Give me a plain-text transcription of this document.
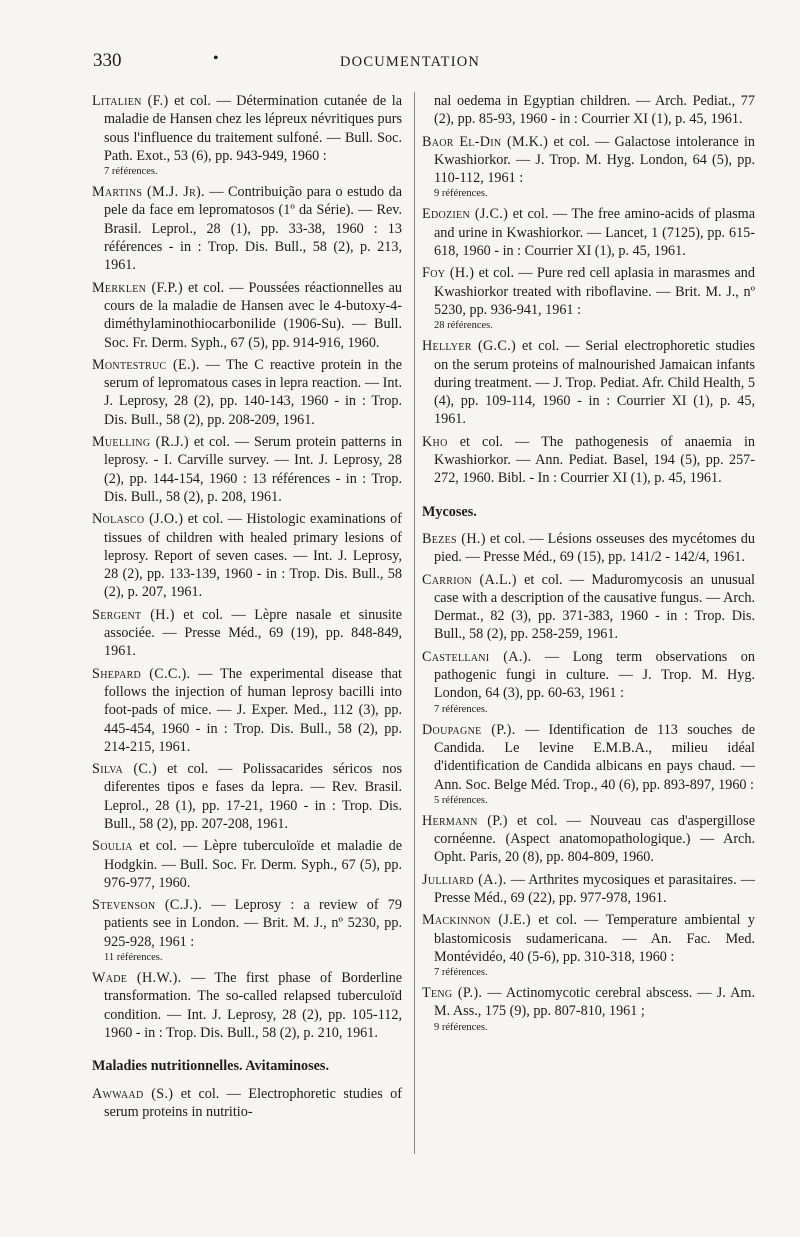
330	•	DOCUMENTATION

Litalien (F.) et col. — Détermination cutanée de la maladie de Hansen chez les lépreux névritiques purs sous l'influence du traitement sulfoné. — Bull. Soc. Path. Exot., 53 (6), pp. 943-949, 1960 :
7 références.

Martins (M.J. Jr). — Contribuição para o estudo da pele da face em lepromatosos (1º da Série). — Rev. Brasil. Leprol., 28 (1), pp. 33-38, 1960 : 13 références - in : Trop. Dis. Bull., 58 (2), p. 213, 1961.

Merklen (F.P.) et col. — Poussées réactionnelles au cours de la maladie de Hansen avec le 4-butoxy-4-diméthylaminothiocarbonilide (1906-Su). — Bull. Soc. Fr. Derm. Syph., 67 (5), pp. 914-916, 1960.

Montestruc (E.). — The C reactive protein in the serum of lepromatous cases in lepra reaction. — Int. J. Leprosy, 28 (2), pp. 140-143, 1960 - in : Trop. Dis. Bull., 58 (2), pp. 208-209, 1961.

Muelling (R.J.) et col. — Serum protein patterns in leprosy. - I. Carville survey. — Int. J. Leprosy, 28 (2), pp. 144-154, 1960 : 13 références - in : Trop. Dis. Bull., 58 (2), p. 208, 1961.

Nolasco (J.O.) et col. — Histologic examinations of tissues of children with healed primary lesions of leprosy. Report of seven cases. — Int. J. Leprosy, 28 (2), pp. 133-139, 1960 - in : Trop. Dis. Bull., 58 (2), p. 207, 1961.

Sergent (H.) et col. — Lèpre nasale et sinusite associée. — Presse Méd., 69 (19), pp. 848-849, 1961.

Shepard (C.C.). — The experimental disease that follows the injection of human leprosy bacilli into foot-pads of mice. — J. Exper. Med., 112 (3), pp. 445-454, 1960 - in : Trop. Dis. Bull., 58 (2), pp. 214-215, 1961.

Silva (C.) et col. — Polissacarides séricos nos diferentes tipos e fases da lepra. — Rev. Brasil. Leprol., 28 (1), pp. 17-21, 1960 - in : Trop. Dis. Bull., 58 (2), pp. 207-208, 1961.

Soulia et col. — Lèpre tuberculoïde et maladie de Hodgkin. — Bull. Soc. Fr. Derm. Syph., 67 (5), pp. 976-977, 1960.

Stevenson (C.J.). — Leprosy : a review of 79 patients see in London. — Brit. M. J., nº 5230, pp. 925-928, 1961 :
11 références.

Wade (H.W.). — The first phase of Borderline transformation. The so-called relapsed tuberculoïd condition. — Int. J. Leprosy, 28 (2), pp. 105-112, 1960 - in : Trop. Dis. Bull., 58 (2), p. 210, 1961.

Maladies nutritionnelles. Avitaminoses.

Awwaad (S.) et col. — Electrophoretic studies of serum proteins in nutritio-

nal oedema in Egyptian children. — Arch. Pediat., 77 (2), pp. 85-93, 1960 - in : Courrier XI (1), p. 45, 1961.

Baor El-Din (M.K.) et col. — Galactose intolerance in Kwashiorkor. — J. Trop. M. Hyg. London, 64 (5), pp. 110-112, 1961 :
9 références.

Edozien (J.C.) et col. — The free amino-acids of plasma and urine in Kwashiorkor. — Lancet, 1 (7125), pp. 615-618, 1960 - in : Courrier XI (1), p. 45, 1961.

Foy (H.) et col. — Pure red cell aplasia in marasmes and Kwashiorkor treated with riboflavine. — Brit. M. J., nº 5230, pp. 936-941, 1961 :
28 références.

Hellyer (G.C.) et col. — Serial electrophoretic studies on the serum proteins of malnourished Jamaican infants during treatment. — J. Trop. Pediat. Afr. Child Health, 5 (4), pp. 109-114, 1960 - in : Courrier XI (1), p. 45, 1961.

Kho et col. — The pathogenesis of anaemia in Kwashiorkor. — Ann. Pediat. Basel, 194 (5), pp. 257-272, 1960. Bibl. - In : Courrier XI (1), p. 45, 1961.

Mycoses.

Bezes (H.) et col. — Lésions osseuses des mycétomes du pied. — Presse Méd., 69 (15), pp. 141/2 - 142/4, 1961.

Carrion (A.L.) et col. — Maduromycosis an unusual case with a description of the causative fungus. — Arch. Dermat., 82 (3), pp. 371-383, 1960 - in : Trop. Dis. Bull., 58 (2), pp. 258-259, 1961.

Castellani (A.). — Long term observations on pathogenic fungi in culture. — J. Trop. M. Hyg. London, 64 (3), pp. 60-63, 1961 :
7 références.

Doupagne (P.). — Identification de 113 souches de Candida. Le levine E.M.B.A., milieu idéal d'identification de Candida albicans en pays chaud. — Ann. Soc. Belge Méd. Trop., 40 (6), pp. 893-897, 1960 :
5 références.

Hermann (P.) et col. — Nouveau cas d'aspergillose cornéenne. (Aspect anatomopathologique.) — Arch. Opht. Paris, 20 (8), pp. 804-809, 1960.

Julliard (A.). — Arthrites mycosiques et parasitaires. — Presse Méd., 69 (22), pp. 977-978, 1961.

Mackinnon (J.E.) et col. — Temperature ambiental y blastomicosis sudamericana. — An. Fac. Med. Montévidéo, 40 (5-6), pp. 310-318, 1960 :
7 références.

Teng (P.). — Actinomycotic cerebral abscess. — J. Am. M. Ass., 175 (9), pp. 807-810, 1961 ;
9 références.
